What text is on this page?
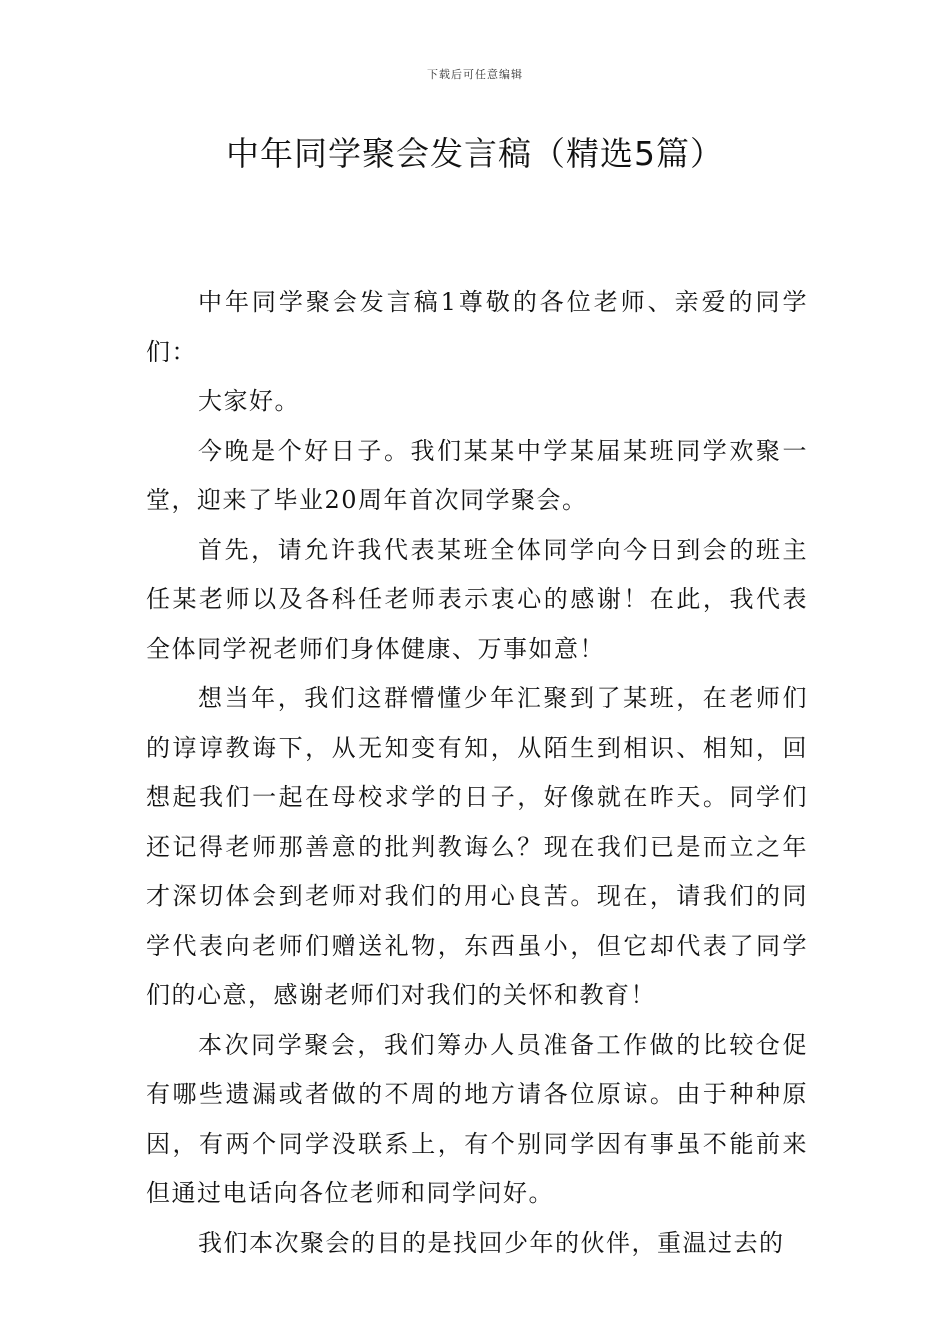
下载后可任意编辑
中年同学聚会发言稿（精选5篇）

中年同学聚会发言稿1尊敬的各位老师、亲爱的同学们：

大家好。

今晚是个好日子。我们某某中学某届某班同学欢聚一堂，迎来了毕业20周年首次同学聚会。

首先，请允许我代表某班全体同学向今日到会的班主任某老师以及各科任老师表示衷心的感谢！在此，我代表全体同学祝老师们身体健康、万事如意！

想当年，我们这群懵懂少年汇聚到了某班，在老师们的谆谆教诲下，从无知变有知，从陌生到相识、相知，回想起我们一起在母校求学的日子，好像就在昨天。同学们还记得老师那善意的批判教诲么？现在我们已是而立之年才深切体会到老师对我们的用心良苦。现在，请我们的同学代表向老师们赠送礼物，东西虽小，但它却代表了同学们的心意，感谢老师们对我们的关怀和教育！

本次同学聚会，我们筹办人员准备工作做的比较仓促有哪些遗漏或者做的不周的地方请各位原谅。由于种种原因，有两个同学没联系上，有个别同学因有事虽不能前来但通过电话向各位老师和同学问好。

我们本次聚会的目的是找回少年的伙伴，重温过去的
